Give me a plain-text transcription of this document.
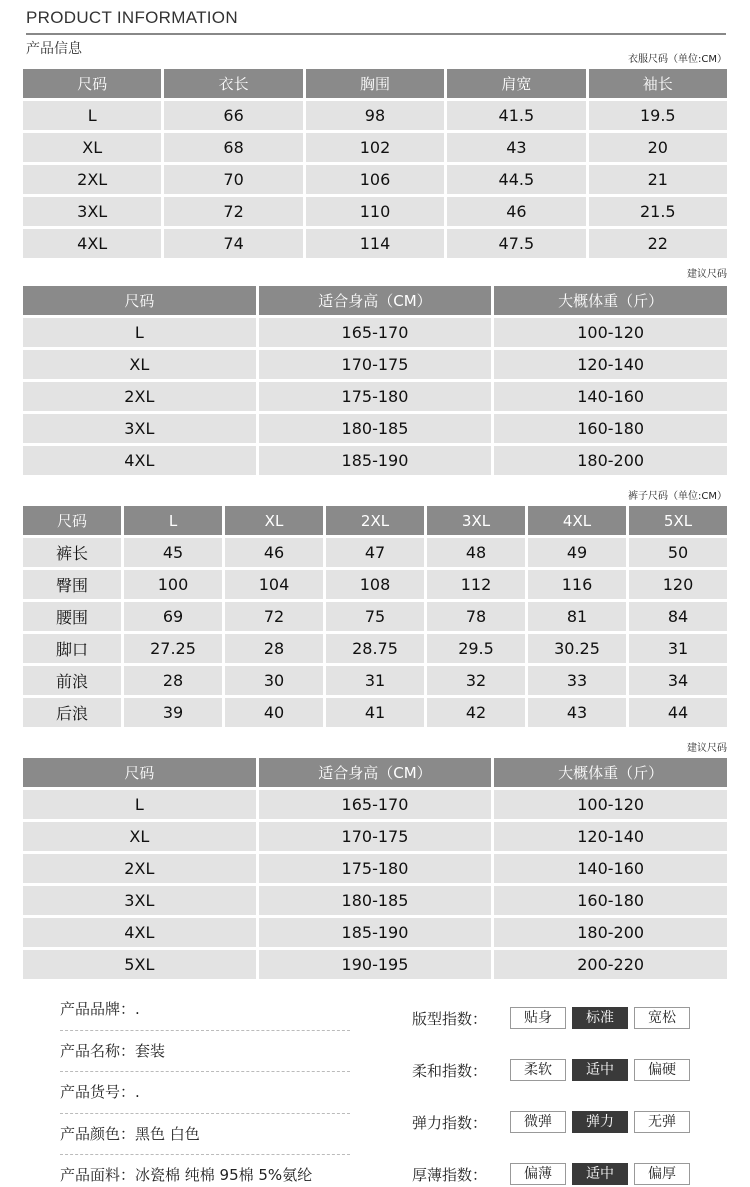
PRODUCT INFORMATION
产品信息
衣服尺码（单位:CM）
尺码	衣长	胸围	肩宽	袖长
L	66	98	41.5	19.5
XL	68	102	43	20
2XL	70	106	44.5	21
3XL	72	110	46	21.5
4XL	74	114	47.5	22
建议尺码
尺码	适合身高（CM）	大概体重（斤）
L	165-170	100-120
XL	170-175	120-140
2XL	175-180	140-160
3XL	180-185	160-180
4XL	185-190	180-200
裤子尺码（单位:CM）
尺码	L	XL	2XL	3XL	4XL	5XL
裤长	45	46	47	48	49	50
臀围	100	104	108	112	116	120
腰围	69	72	75	78	81	84
脚口	27.25	28	28.75	29.5	30.25	31
前浪	28	30	31	32	33	34
后浪	39	40	41	42	43	44
建议尺码
尺码	适合身高（CM）	大概体重（斤）
L	165-170	100-120
XL	170-175	120-140
2XL	175-180	140-160
3XL	180-185	160-180
4XL	185-190	180-200
5XL	190-195	200-220
产品品牌：.
产品名称：套装
产品货号：.
产品颜色：黑色 白色
产品面料：冰瓷棉 纯棉 95棉 5%氨纶
版型指数：	贴身	标准	宽松
柔和指数：	柔软	适中	偏硬
弹力指数：	微弹	弹力	无弹
厚薄指数：	偏薄	适中	偏厚
